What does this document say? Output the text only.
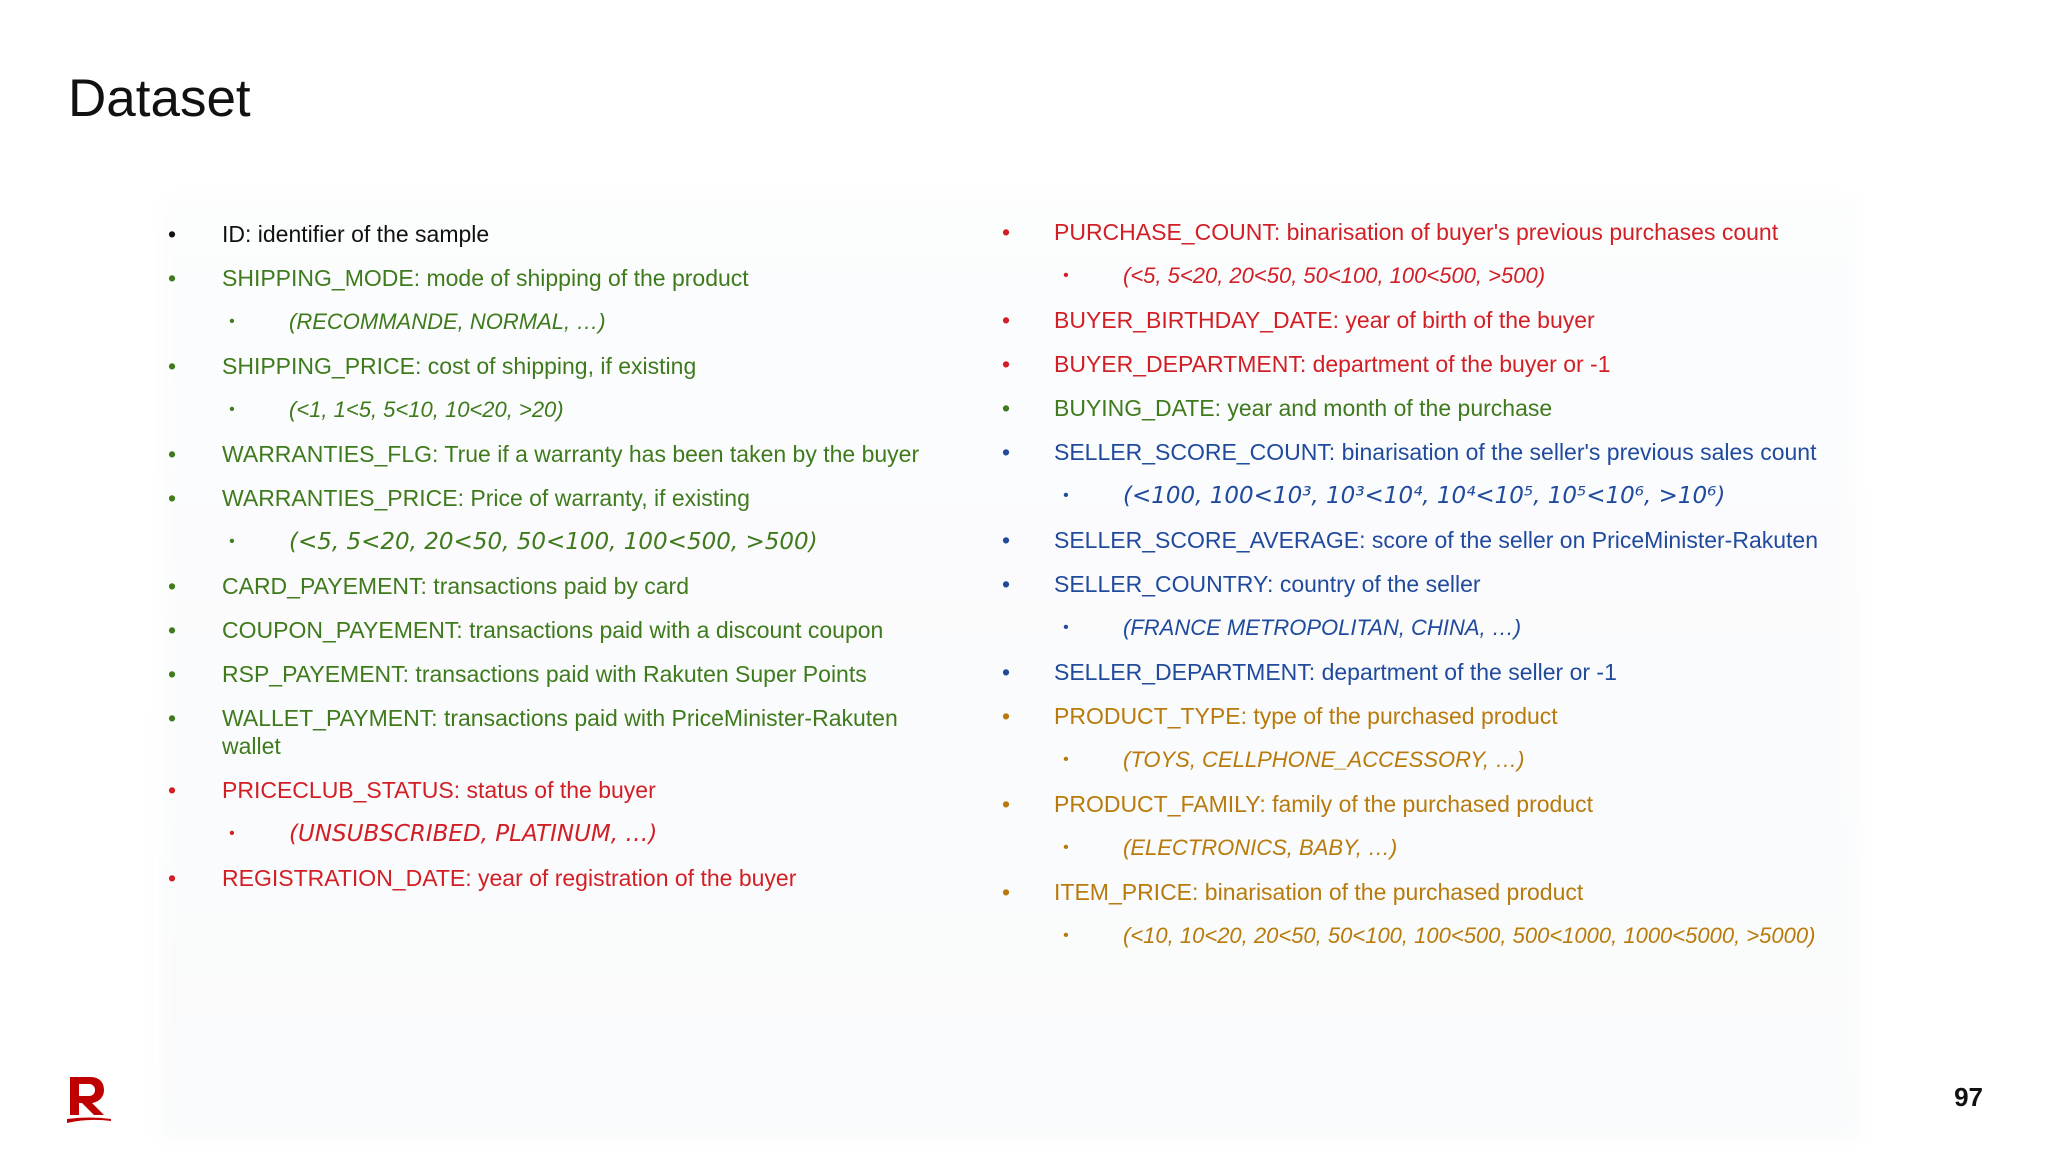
Dataset
•	ID: identifier of the sample
•	SHIPPING_MODE: mode of shipping of the product
•	(RECOMMANDE, NORMAL, …)
•	SHIPPING_PRICE: cost of shipping, if existing
•	(<1, 1<5, 5<10, 10<20, >20)
•	WARRANTIES_FLG: True if a warranty has been taken by the buyer
•	WARRANTIES_PRICE: Price of warranty, if existing
•	(<5, 5<20, 20<50, 50<100, 100<500, >500)
•	CARD_PAYEMENT: transactions paid by card
•	COUPON_PAYEMENT: transactions paid with a discount coupon
•	RSP_PAYEMENT: transactions paid with Rakuten Super Points
•	WALLET_PAYMENT: transactions paid with PriceMinister-Rakuten
wallet
•	PRICECLUB_STATUS: status of the buyer
•	(UNSUBSCRIBED, PLATINUM, …)
•	REGISTRATION_DATE: year of registration of the buyer
•	PURCHASE_COUNT: binarisation of buyer's previous purchases count
•	(<5, 5<20, 20<50, 50<100, 100<500, >500)
•	BUYER_BIRTHDAY_DATE: year of birth of the buyer
•	BUYER_DEPARTMENT: department of the buyer or -1
•	BUYING_DATE: year and month of the purchase
•	SELLER_SCORE_COUNT: binarisation of the seller's previous sales count
•	(<100, 100<10³, 10³<10⁴, 10⁴<10⁵, 10⁵<10⁶, >10⁶)
•	SELLER_SCORE_AVERAGE: score of the seller on PriceMinister-Rakuten
•	SELLER_COUNTRY: country of the seller
•	(FRANCE METROPOLITAN, CHINA, …)
•	SELLER_DEPARTMENT: department of the seller or -1
•	PRODUCT_TYPE: type of the purchased product
•	(TOYS, CELLPHONE_ACCESSORY, …)
•	PRODUCT_FAMILY: family of the purchased product
•	(ELECTRONICS, BABY, …)
•	ITEM_PRICE: binarisation of the purchased product
•	(<10, 10<20, 20<50, 50<100, 100<500, 500<1000, 1000<5000, >5000)
97
